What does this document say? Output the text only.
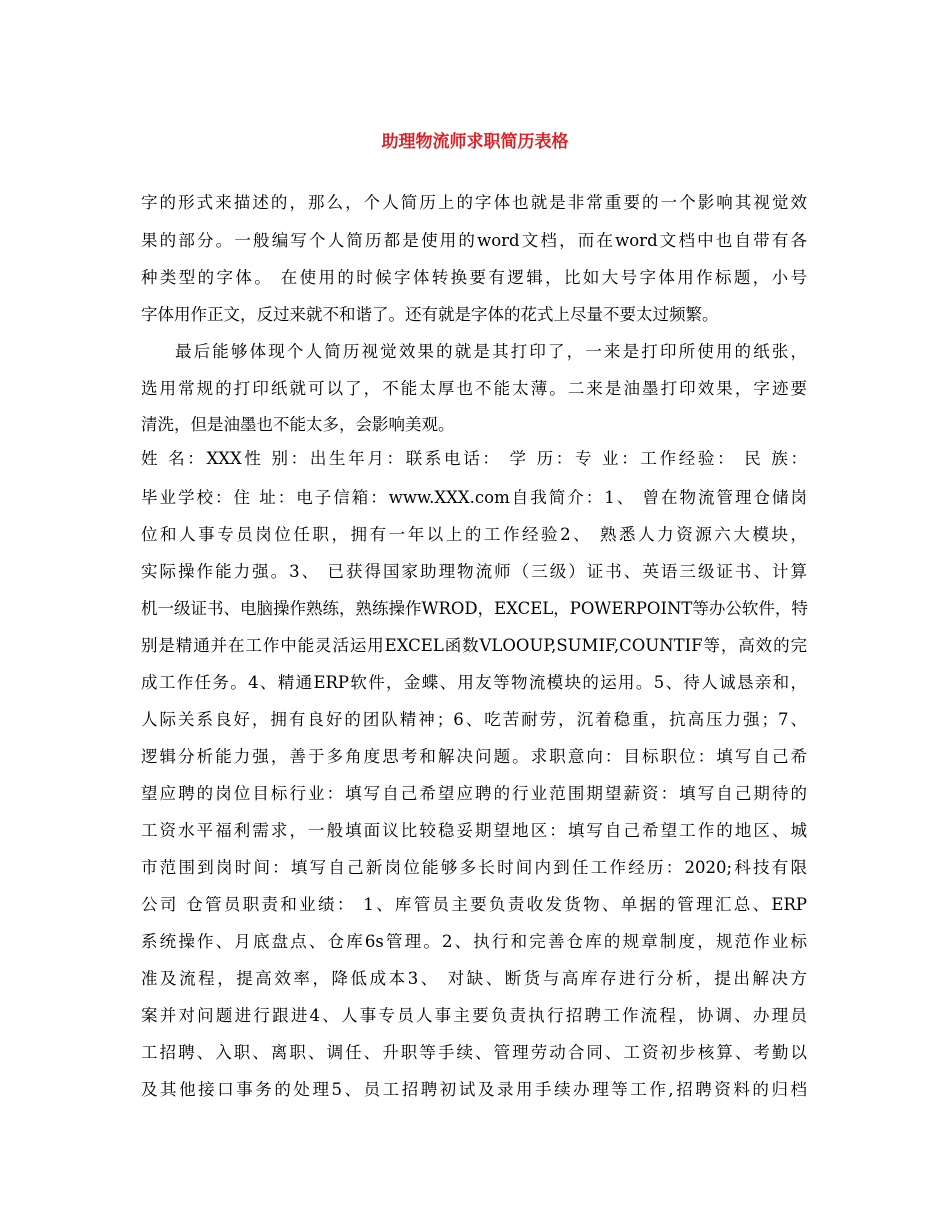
助理物流师求职简历表格

字的形式来描述的，那么，个人简历上的字体也就是非常重要的一个影响其视觉效

果的部分。一般编写个人简历都是使用的word文档，而在word文档中也自带有各

种类型的字体。 在使用的时候字体转换要有逻辑，比如大号字体用作标题，小号

字体用作正文，反过来就不和谐了。还有就是字体的花式上尽量不要太过频繁。

最后能够体现个人简历视觉效果的就是其打印了，一来是打印所使用的纸张，

选用常规的打印纸就可以了，不能太厚也不能太薄。二来是油墨打印效果，字迹要

清洗，但是油墨也不能太多，会影响美观。

姓 名：XXX性 别：出生年月：联系电话： 学 历：专 业：工作经验： 民 族：

毕业学校：住 址：电子信箱：www.XXX.com自我简介：1、 曾在物流管理仓储岗

位和人事专员岗位任职，拥有一年以上的工作经验2、 熟悉人力资源六大模块，

实际操作能力强。3、 已获得国家助理物流师（三级）证书、英语三级证书、计算

机一级证书、电脑操作熟练，熟练操作WROD，EXCEL，POWERPOINT等办公软件，特

别是精通并在工作中能灵活运用EXCEL函数VLOOUP,SUMIF,COUNTIF等，高效的完

成工作任务。4、精通ERP软件，金蝶、用友等物流模块的运用。5、待人诚恳亲和，

人际关系良好，拥有良好的团队精神；6、吃苦耐劳，沉着稳重，抗高压力强；7、

逻辑分析能力强，善于多角度思考和解决问题。求职意向：目标职位：填写自己希

望应聘的岗位目标行业：填写自己希望应聘的行业范围期望薪资：填写自己期待的

工资水平福利需求，一般填面议比较稳妥期望地区：填写自己希望工作的地区、城

市范围到岗时间：填写自己新岗位能够多长时间内到任工作经历：2020;科技有限

公司 仓管员职责和业绩： 1、库管员主要负责收发货物、单据的管理汇总、ERP

系统操作、月底盘点、仓库6s管理。2、执行和完善仓库的规章制度，规范作业标

准及流程，提高效率，降低成本3、 对缺、断货与高库存进行分析，提出解决方

案并对问题进行跟进4、人事专员人事主要负责执行招聘工作流程，协调、办理员

工招聘、入职、离职、调任、升职等手续、管理劳动合同、工资初步核算、考勤以

及其他接口事务的处理5、员工招聘初试及录用手续办理等工作,招聘资料的归档
